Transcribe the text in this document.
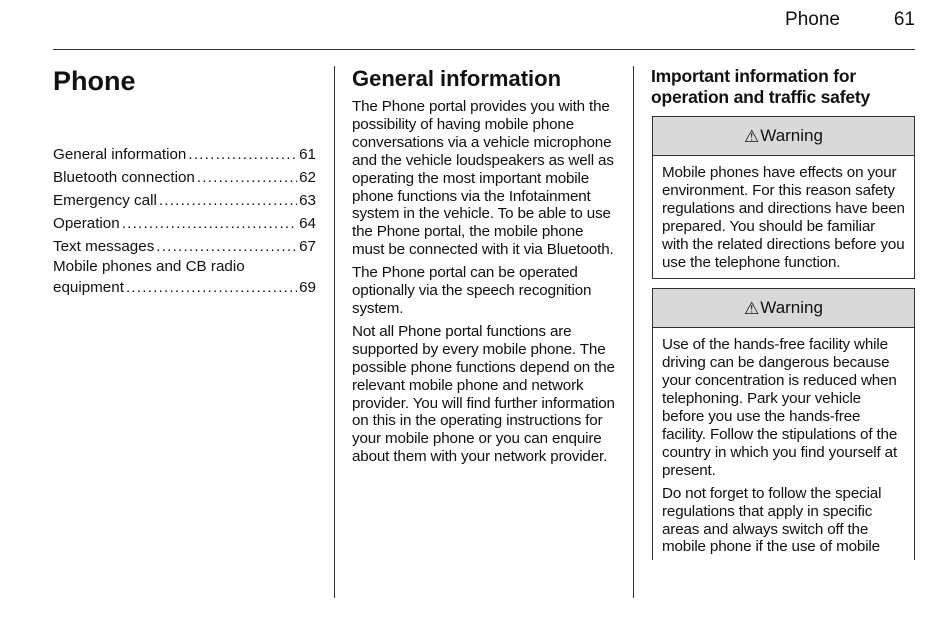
Phone	61
Phone
General information . . .	61
Bluetooth connection . . .	62
Emergency call . . .	63
Operation . . .	64
Text messages . . .	67
Mobile phones and CB radio
equipment . . .	69
General information

The Phone portal provides you with the possibility of having mobile phone conversations via a vehicle microphone and the vehicle loudspeakers as well as operating the most important mobile phone functions via the Infotainment system in the vehicle. To be able to use the Phone portal, the mobile phone must be connected with it via Bluetooth.

The Phone portal can be operated optionally via the speech recognition system.

Not all Phone portal functions are supported by every mobile phone. The possible phone functions depend on the relevant mobile phone and network provider. You will find further information on this in the operating instructions for your mobile phone or you can enquire about them with your network provider.

Important information for operation and traffic safety
⚠ Warning

Mobile phones have effects on your environment. For this reason safety regulations and directions have been prepared. You should be familiar with the related directions before you use the telephone function.

⚠ Warning

Use of the hands-free facility while driving can be dangerous because your concentration is reduced when telephoning. Park your vehicle before you use the hands-free facility. Follow the stipulations of the country in which you find yourself at present.

Do not forget to follow the special regulations that apply in specific areas and always switch off the mobile phone if the use of mobile
